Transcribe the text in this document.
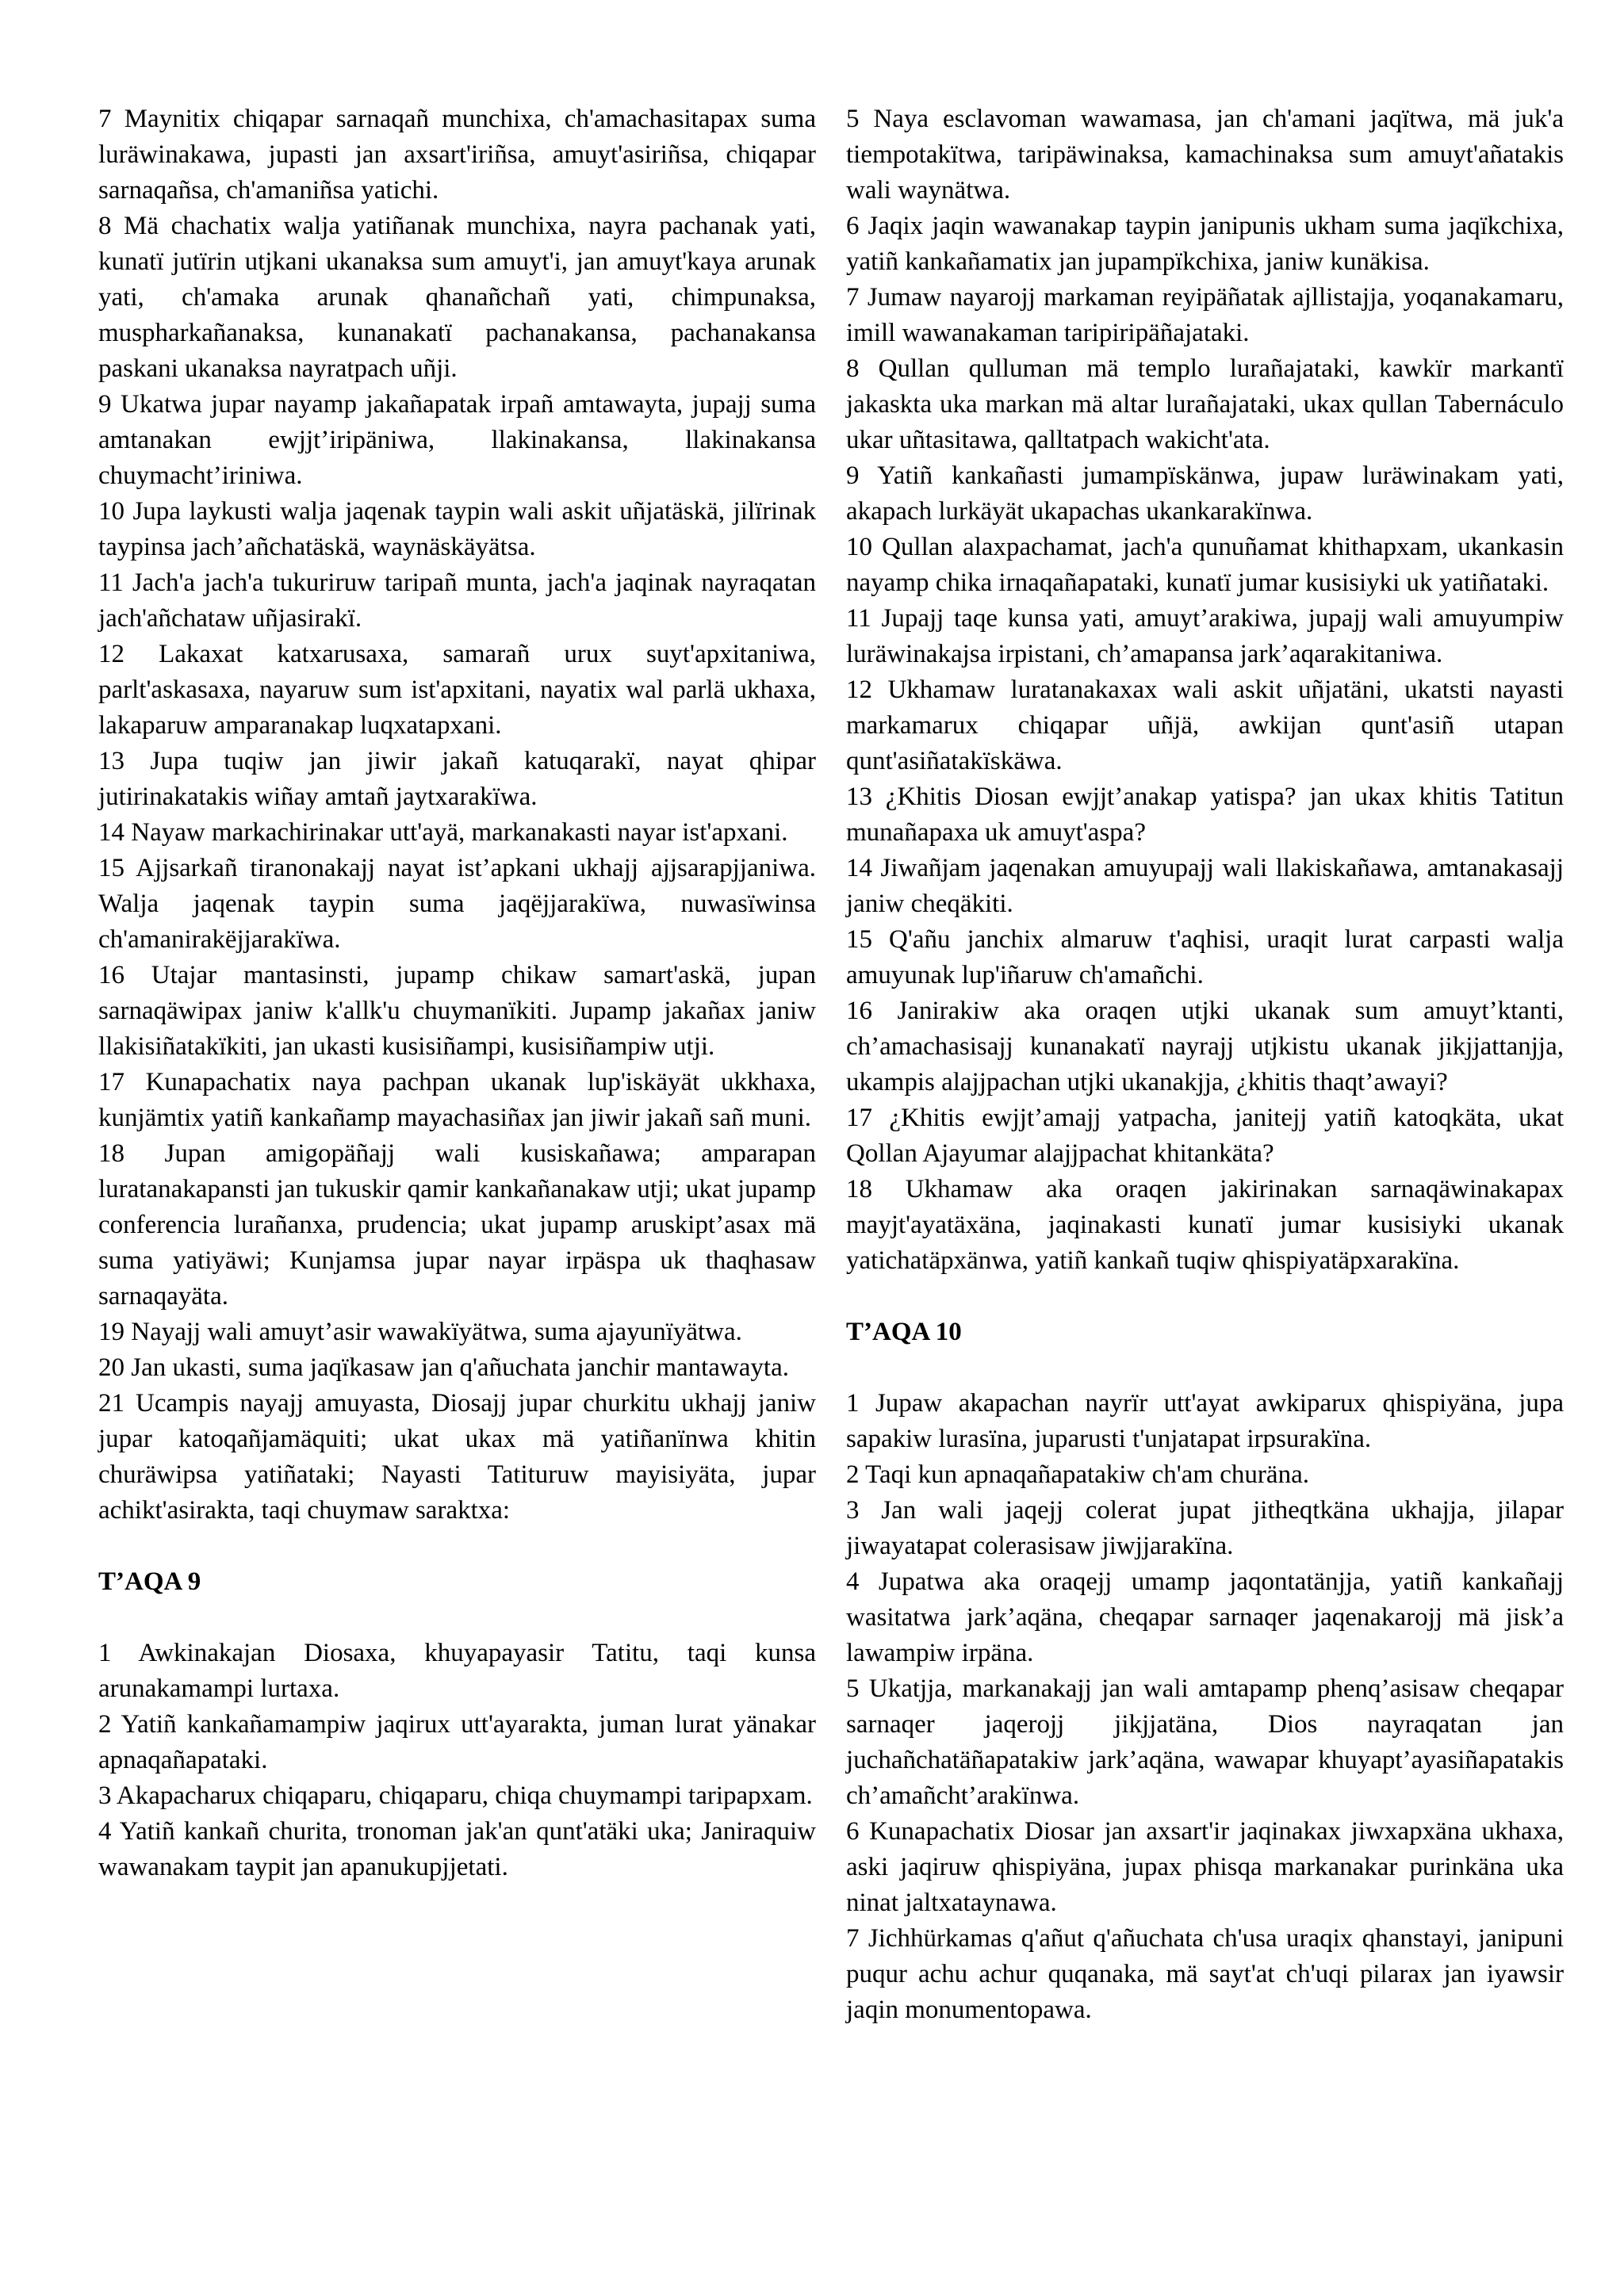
7 Maynitix chiqapar sarnaqañ munchixa, ch'amachasitapax suma luräwinakawa, jupasti jan axsart'iriñsa, amuyt'asiriñsa, chiqapar sarnaqañsa, ch'amaniñsa yatichi.

8 Mä chachatix walja yatiñanak munchixa, nayra pachanak yati, kunatï jutïrin utjkani ukanaksa sum amuyt'i, jan amuyt'kaya arunak yati, ch'amaka arunak qhanañchañ yati, chimpunaksa, muspharkañanaksa, kunanakatï pachanakansa, pachanakansa paskani ukanaksa nayratpach uñji.

9 Ukatwa jupar nayamp jakañapatak irpañ amtawayta, jupajj suma amtanakan ewjjt’iripäniwa, llakinakansa, llakinakansa chuymacht’iriniwa.

10 Jupa laykusti walja jaqenak taypin wali askit uñjatäskä, jilïrinak taypinsa jach’añchatäskä, waynäskäyätsa.

11 Jach'a jach'a tukuriruw taripañ munta, jach'a jaqinak nayraqatan jach'añchataw uñjasirakï.

12 Lakaxat katxarusaxa, samarañ urux suyt'apxitaniwa, parlt'askasaxa, nayaruw sum ist'apxitani, nayatix wal parlä ukhaxa, lakaparuw amparanakap luqxatapxani.

13 Jupa tuqiw jan jiwir jakañ katuqarakï, nayat qhipar jutirinakatakis wiñay amtañ jaytxarakïwa.

14 Nayaw markachirinakar utt'ayä, markanakasti nayar ist'apxani.

15 Ajjsarkañ tiranonakajj nayat ist’apkani ukhajj ajjsarapjjaniwa. Walja jaqenak taypin suma jaqëjjarakïwa, nuwasïwinsa ch'amanirakëjjarakïwa.

16 Utajar mantasinsti, jupamp chikaw samart'askä, jupan sarnaqäwipax janiw k'allk'u chuymanïkiti. Jupamp jakañax janiw llakisiñatakïkiti, jan ukasti kusisiñampi, kusisiñampiw utji.

17 Kunapachatix naya pachpan ukanak lup'iskäyät ukkhaxa, kunjämtix yatiñ kankañamp mayachasiñax jan jiwir jakañ sañ muni.

18 Jupan amigopäñajj wali kusiskañawa; amparapan luratanakapansti jan tukuskir qamir kankañanakaw utji; ukat jupamp conferencia lurañanxa, prudencia; ukat jupamp aruskipt’asax mä suma yatiyäwi; Kunjamsa jupar nayar irpäspa uk thaqhasaw sarnaqayäta.

19 Nayajj wali amuyt’asir wawakïyätwa, suma ajayunïyätwa.

20 Jan ukasti, suma jaqïkasaw jan q'añuchata janchir mantawayta.

21 Ucampis nayajj amuyasta, Diosajj jupar churkitu ukhajj janiw jupar katoqañjamäquiti; ukat ukax mä yatiñanïnwa khitin churäwipsa yatiñataki; Nayasti Tatituruw mayisiyäta, jupar achikt'asirakta, taqi chuymaw saraktxa:

T’AQA 9

1 Awkinakajan Diosaxa, khuyapayasir Tatitu, taqi kunsa arunakamampi lurtaxa.

2 Yatiñ kankañamampiw jaqirux utt'ayarakta, juman lurat yänakar apnaqañapataki.

3 Akapacharux chiqaparu, chiqaparu, chiqa chuymampi taripapxam.

4 Yatiñ kankañ churita, tronoman jak'an qunt'atäki uka; Janiraquiw wawanakam taypit jan apanukupjjetati.

5 Naya esclavoman wawamasa, jan ch'amani jaqïtwa, mä juk'a tiempotakïtwa, taripäwinaksa, kamachinaksa sum amuyt'añatakis wali waynätwa.

6 Jaqix jaqin wawanakap taypin janipunis ukham suma jaqïkchixa, yatiñ kankañamatix jan jupampïkchixa, janiw kunäkisa.

7 Jumaw nayarojj markaman reyipäñatak ajllistajja, yoqanakamaru, imill wawanakaman taripiripäñajataki.

8 Qullan qulluman mä templo lurañajataki, kawkïr markantï jakaskta uka markan mä altar lurañajataki, ukax qullan Tabernáculo ukar uñtasitawa, qalltatpach wakicht'ata.

9 Yatiñ kankañasti jumampïskänwa, jupaw luräwinakam yati, akapach lurkäyät ukapachas ukankarakïnwa.

10 Qullan alaxpachamat, jach'a qunuñamat khithapxam, ukankasin nayamp chika irnaqañapataki, kunatï jumar kusisiyki uk yatiñataki.

11 Jupajj taqe kunsa yati, amuyt’arakiwa, jupajj wali amuyumpiw luräwinakajsa irpistani, ch’amapansa jark’aqarakitaniwa.

12 Ukhamaw luratanakaxax wali askit uñjatäni, ukatsti nayasti markamarux chiqapar uñjä, awkijan qunt'asiñ utapan qunt'asiñatakïskäwa.

13 ¿Khitis Diosan ewjjt’anakap yatispa? jan ukax khitis Tatitun munañapaxa uk amuyt'aspa?

14 Jiwañjam jaqenakan amuyupajj wali llakiskañawa, amtanakasajj janiw cheqäkiti.

15 Q'añu janchix almaruw t'aqhisi, uraqit lurat carpasti walja amuyunak lup'iñaruw ch'amañchi.

16 Janirakiw aka oraqen utjki ukanak sum amuyt’ktanti, ch’amachasisajj kunanakatï nayrajj utjkistu ukanak jikjjattanjja, ukampis alajjpachan utjki ukanakjja, ¿khitis thaqt’awayi?

17 ¿Khitis ewjjt’amajj yatpacha, janitejj yatiñ katoqkäta, ukat Qollan Ajayumar alajjpachat khitankäta?

18 Ukhamaw aka oraqen jakirinakan sarnaqäwinakapax mayjt'ayatäxäna, jaqinakasti kunatï jumar kusisiyki ukanak yatichatäpxänwa, yatiñ kankañ tuqiw qhispiyatäpxarakïna.

T’AQA 10

1 Jupaw akapachan nayrïr utt'ayat awkiparux qhispiyäna, jupa sapakiw lurasïna, juparusti t'unjatapat irpsurakïna.

2 Taqi kun apnaqañapatakiw ch'am churäna.

3 Jan wali jaqejj colerat jupat jitheqtkäna ukhajja, jilapar jiwayatapat colerasisaw jiwjjarakïna.

4 Jupatwa aka oraqejj umamp jaqontatänjja, yatiñ kankañajj wasitatwa jark’aqäna, cheqapar sarnaqer jaqenakarojj mä jisk’a lawampiw irpäna.

5 Ukatjja, markanakajj jan wali amtapamp phenq’asisaw cheqapar sarnaqer jaqerojj jikjjatäna, Dios nayraqatan jan juchañchatäñapatakiw jark’aqäna, wawapar khuyapt’ayasiñapatakis ch’amañcht’arakïnwa.

6 Kunapachatix Diosar jan axsart'ir jaqinakax jiwxapxäna ukhaxa, aski jaqiruw qhispiyäna, jupax phisqa markanakar purinkäna uka ninat jaltxataynawa.

7 Jichhürkamas q'añut q'añuchata ch'usa uraqix qhanstayi, janipuni puqur achu achur quqanaka, mä sayt'at ch'uqi pilarax jan iyawsir jaqin monumentopawa.
